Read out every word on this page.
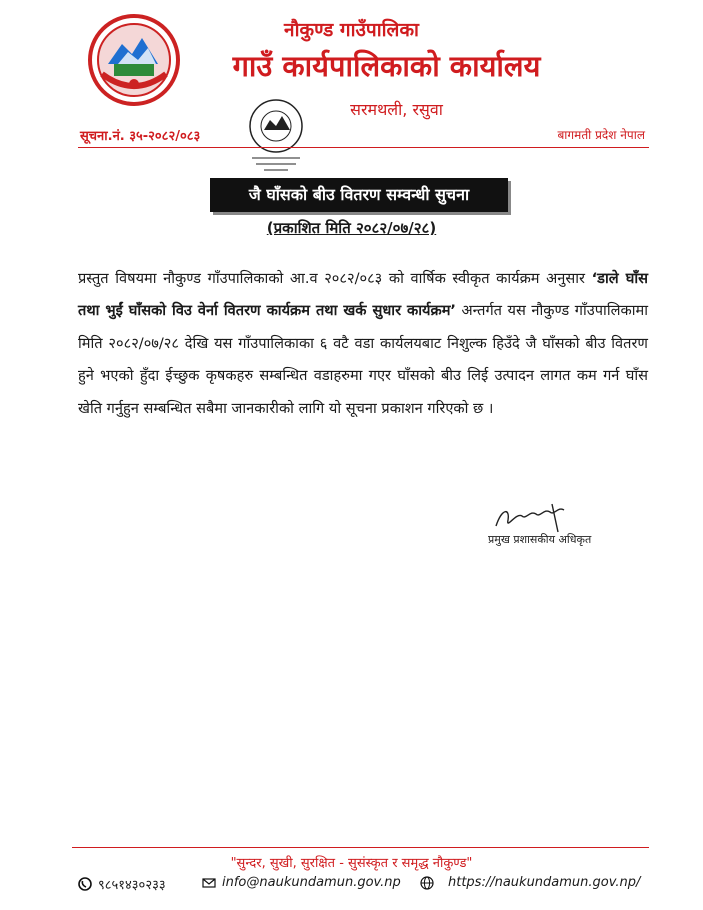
नौकुण्ड गाउँपालिका
गाउँ कार्यपालिकाको कार्यालय
सरमथली, रसुवा
सूचना.नं. ३५-२०८२/०८३	बागमती प्रदेश नेपाल
जै घाँसको बीउ वितरण सम्वन्धी सुचना
(प्रकाशित मिति २०८२/०७/२८)
प्रस्तुत विषयमा नौकुण्ड गाँउपालिकाको आ.व २०८२/०८३ को वार्षिक स्वीकृत कार्यक्रम अनुसार ‘डाले घाँस तथा भुईं घाँसको विउ वेर्ना वितरण कार्यक्रम तथा खर्क सुधार कार्यक्रम’ अन्तर्गत यस नौकुण्ड गाँउपालिकामा मिति २०८२/०७/२८ देखि यस गाँउपालिकाका ६ वटै वडा कार्यलयबाट निशुल्क हिउँदे जै घाँसको बीउ वितरण हुने भएको हुँदा ईच्छुक कृषकहरु सम्बन्धित वडाहरुमा गएर घाँसको बीउ लिई उत्पादन लागत कम गर्न घाँस खेति गर्नुहुन सम्बन्धित सबैमा जानकारीको लागि यो सूचना प्रकाशन गरिएको छ ।
प्रमुख प्रशासकीय अधिकृत
"सुन्दर, सुखी, सुरक्षित - सुसंस्कृत र समृद्ध नौकुण्ड"
९८५१४३०२३३	info@naukundamun.gov.np	https://naukundamun.gov.np/
